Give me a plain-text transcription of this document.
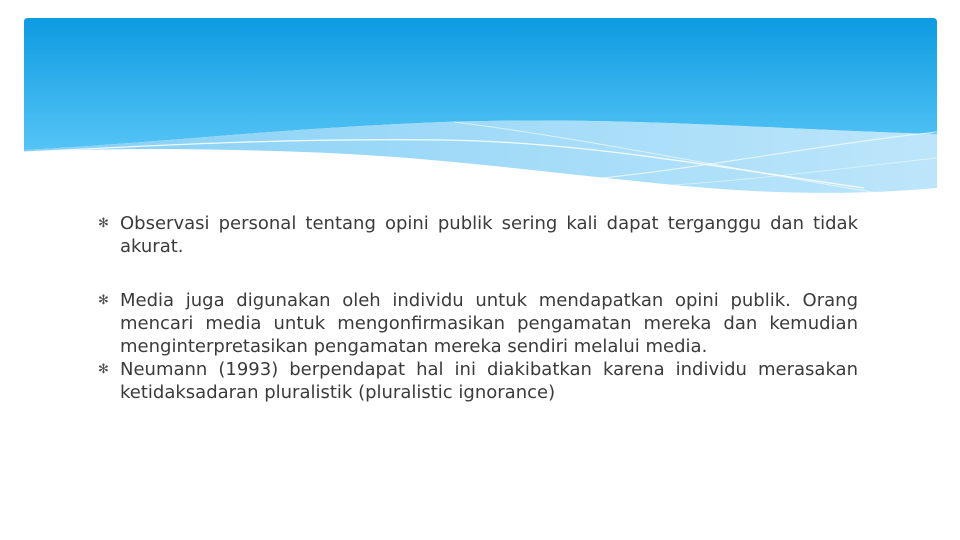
✻ Observasi personal tentang opini publik sering kali dapat terganggu dan tidak akurat.
✻ Media juga digunakan oleh individu untuk mendapatkan opini publik. Orang mencari media untuk mengonfirmasikan pengamatan mereka dan kemudian menginterpretasikan pengamatan mereka sendiri melalui media.
✻ Neumann (1993) berpendapat hal ini diakibatkan karena individu merasakan ketidaksadaran pluralistik (pluralistic ignorance)
